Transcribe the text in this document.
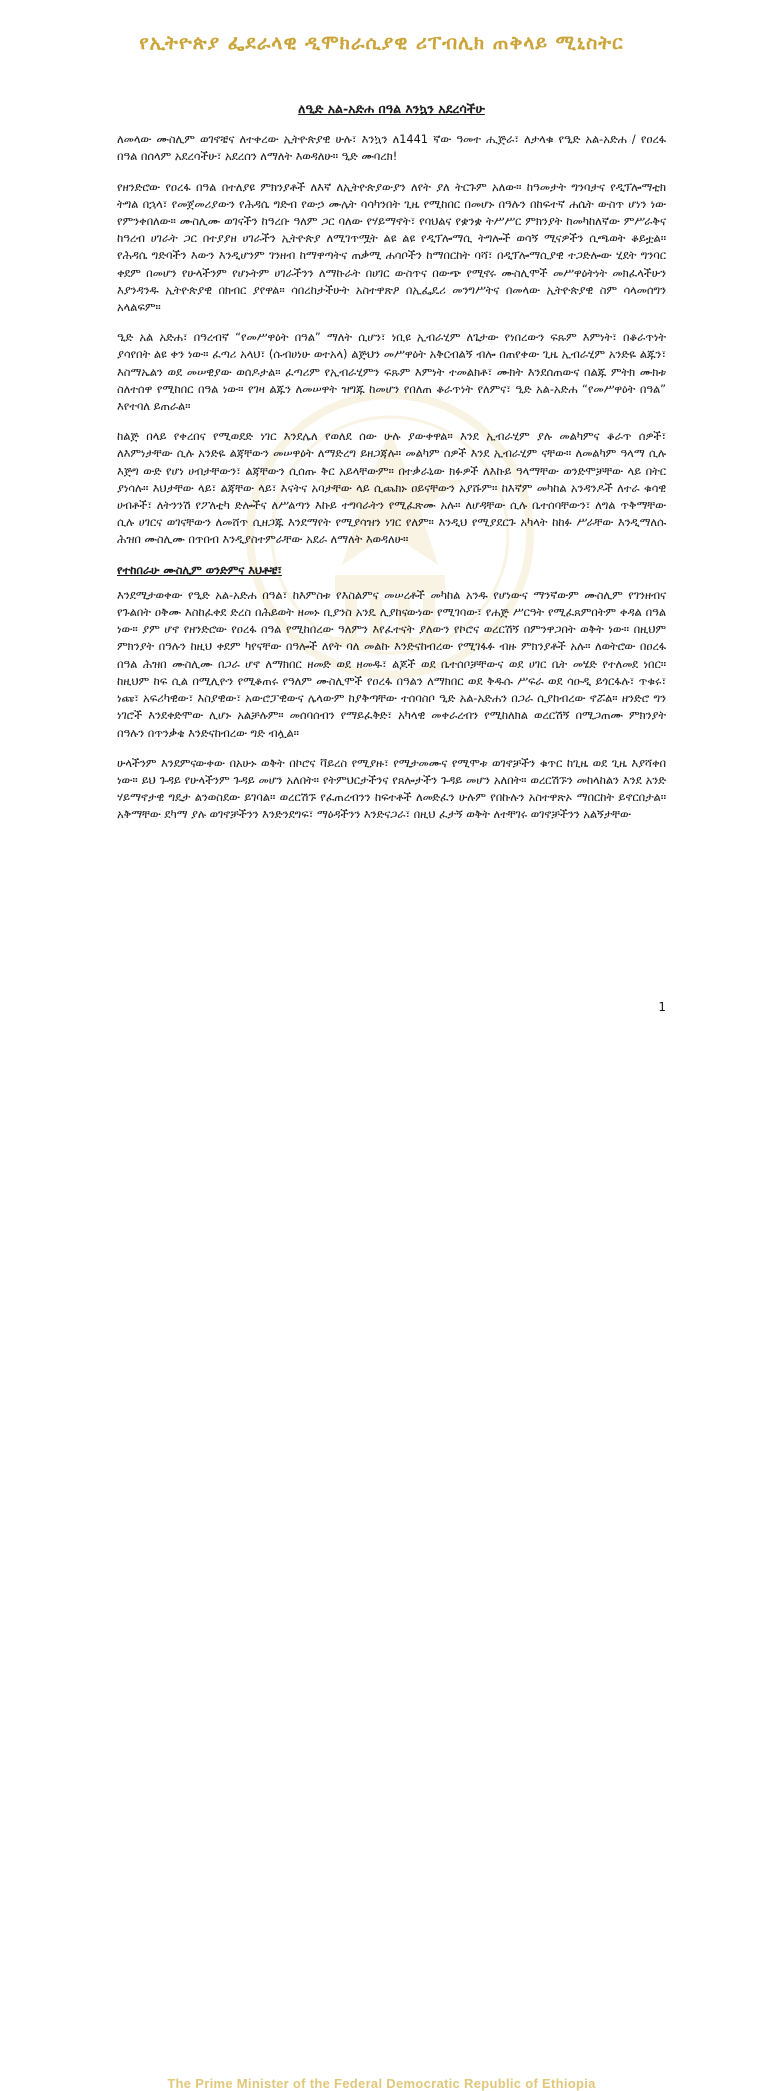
የኢትዮጵያ ፌደራላዊ ዲሞክራሲያዊ ሪፐብሊክ ጠቅላይ ሚኒስትር
ለዒድ አል-አድሐ በዓል እንኳን አደረሳችሁ

ለመላው ሙስሊም ወገኖቼና ለተቀረው ኢትዮጵያዊ ሁሉ፣ እንኳን ለ1441 ኛው ዓመተ ሒጅራ፣ ለታላቁ የዒድ አል-አድሐ / የዐረፋ በዓል በሰላም አደረሳችሁ፣ አደረሰን ለማለት እወዳለሁ። ዒድ ሙባረክ!

የዘንድሮው የዐረፋ በዓል በተለያዩ ምክንያቶች ለእኛ ለኢትዮጵያውያን ለየት ያለ ትርጉም አለው። ከዓመታት ግንባታና የዲፕሎማቲክ ትግል በኋላ፣ የመጀመሪያውን የሕዳሴ ግድብ የውኃ ሙሌት ባሳካንበት ጊዜ የሚከበር በመሆኑ በዓሉን በከፍተኛ ሐሴት ውስጥ ሆነን ነው የምንቀበለው። ሙስሊሙ ወገናችን ከዓረቡ ዓለም ጋር ባለው የሃይማኖት፣ የባህልና የቋንቋ ትሥሥር ምክንያት ከመካከለኛው ምሥራቅና ከዓረብ ሀገራት ጋር በተያያዘ ሀገራችን ኢትዮጵያ ለሚገጥሟት ልዩ ልዩ የዲፕሎማሲ ትግሎች ወሳኝ ሚናዎችን ሲጫወት ቆይቷል። የሕዳሴ ግድባችን እውን እንዲሆንም ገንዘብ ከማዋጣትና ጠቃሚ ሐሳቦችን ከማበርከት ባሻ፣ በዲፕሎማሲያዊ ተጋድሎው ሂደት ግንባር ቀደም በመሆን የሁላችንም የሆኑትም ሀገራችንን ለማኩራት በሀገር ውስጥና በውጭ የሚኖሩ ሙስሊሞች መሥዋዕትነት መክፈላችሁን እያንዳንዱ ኢትዮጵያዊ በክብር ያየዋል። ሳበረከታችሁት አስተዋጽዖ በኢፌዴሪ መንግሥትና በመላው ኢትዮጵያዊ ስም ሳላመሰግን አላልፍም።

ዒድ አል አድሐ፣ በዓረብኛ “የመሥዋዕት በዓል” ማለት ሲሆን፣ ነቢዩ ኢብራሂም ለጌታው የነበረውን ፍጹም እምነት፣ በቆራጥነት ያሳየበት ልዩ ቀን ነው። ፈጣሪ አላህ፣ (ሱብሀነሁ ወተአላ) ልጅህን መሥዋዕት አቅርብልኝ ብሎ በጠየቀው ጊዜ ኢብራሂም አንድዬ ልጁን፣ እስማኤልን ወደ መሠዊያው ወሰዶታል። ፈጣሪም የኢብራሂምን ፍጹም እምነት ተመልክቶ፣ ሙክት እንደሰጠውና በልጁ ምትክ ሙክቱ ስለተሰዋ የሚከበር በዓል ነው። የገዛ ልጁን ለመሠዋት ዝግጁ ከመሆን የበለጠ ቆራጥነት የለምና፣ ዒድ አል-አድሐ “የመሥዋዕት በዓል” እየተባለ ይጠራል።

ከልጅ በላይ የቀረበና የሚወደድ ነገር እንደሌለ የወለደ ሰው ሁሉ ያውቀዋል። እንደ ኢብራሂም ያሉ መልካምና ቆራጥ ሰዎች፣ ለእምነታቸው ሲሉ አንድዬ ልጃቸውን መሠዋዕት ለማድረግ ይዘጋጃሉ። መልካም ሰዎች እንደ ኢብራሂም ናቸው። ለመልካም ዓላማ ሲሉ እጅግ ውድ የሆነ ሀብታቸውን፣ ልጃቸውን ሲሰጡ ቅር አይላቸውም። በተቃራኒው ክፉዎች ለእኩይ ዓላማቸው ወንድሞቻቸው ላይ በትር ያነሳሉ። እህታቸው ላይ፣ ልጃቸው ላይ፣ እናትና አባታቸው ላይ ሲጨክኑ ዐይናቸውን አያሹም። ከእኛም መካከል አንዳንዶች ለተራ ቁሳዊ ሀብቶች፣ ለትንንሽ የፖለቲካ ድሎችና ለሥልጣን እኩይ ተግባራትን የሚፈጽሙ አሉ። ለሆዳቸው ሲሉ ቤተሰባቸውን፣ ለግል ጥቅማቸው ሲሉ ሀገርና ወገናቸውን ለመሸጥ ሲዘጋጁ እንደማየት የሚያሳዝን ነገር የለም። እንዲህ የሚያደርጉ አካላት ከከፉ ሥራቸው እንዲማለሱ ሕዝበ ሙስሊሙ በጥበብ እንዲያስተምራቸው አደራ ለማለት እወዳለሁ።

የተከበራሁ ሙስሊም ወንድምና እህቶቼ፣

እንደሚታወቀው የዒድ አል-አድሐ በዓል፣ ከእምስቱ የእስልምና መሠረቶች መካከል አንዱ የሆነውና ማንኛውም ሙስሊም የገንዘብና የጉልበት ዐቅሙ እስከፈቀደ ድረስ በሕይወት ዘመኑ ቢያንስ አንዴ ሊያከናውነው የሚገባው፣ የሐጅ ሥርዓት የሚፈጸምበትም ቀዳል በዓል ነው። ያም ሆኖ የዘንድሮው የዐረፋ በዓል የሚከበረው ዓለምን እየፈተናት ያለውን የኮሮና ወረርሽኝ በምንዋጋበት ወቅት ነው። በዚህም ምክንያት በዓሉን ከዚህ ቀደም ካየናቸው በዓሎች ለየት ባለ መልኩ እንድናከብረው የሚገፋፉ ብዙ ምክንያቶች አሉ። ለወትሮው በዐረፋ በዓል ሕዝበ ሙስሊሙ በጋራ ሆኖ ለማክበር ዘመድ ወደ ዘመዱ፣ ልጆች ወደ ቤተሰቦቻቸውና ወደ ሀገር ቤት መሄድ የተለመደ ነበር። ከዚህም ከፍ ሲል በሚሊዮን የሚቆጠሩ የዓለም ሙስሊሞች የዐረፋ በዓልን ለማክበር ወደ ቅዱሱ ሥፍራ ወደ ሳዑዲ ይጎርፋሉ፣ ጥቁሩ፣ ነጩ፣ አፍሪካዊው፣ እስያዊው፣ አውሮፓዊውና ሌላውም ከያቅጣቸው ተሰባስቦ ዒድ አል-አድሐን በጋራ ሲያከብረው ኖሯል። ዘንድሮ ግን ነገሮች እንደቀድሞው ሊሆኑ አልቻሉም። መሰባሰብን የማይፈቅድ፣ አካላዊ መቀራረብን የሚከለክል ወረርሽኝ በሚጋጠሙ ምክንያት በዓሉን በጥንቃቄ እንድናከብረው ግድ ብሏል።

ሁላችንም እንደምናውቀው በአሁኑ ወቅት በኮሮና ቫይረስ የሚያዙ፣ የሚታመሙና የሚሞቱ ወገኖቻችን ቁጥር ከጊዜ ወደ ጊዜ እያሻቀበ ነው። ይህ ጉዳይ የሁላችንም ጉዳይ መሆን አለበት። የትምህርታችንና የጸሎታችን ጉዳይ መሆን አለበት። ወረርሽኙን መከላከልን እንደ አንድ ሃይማኖታዊ ግዴታ ልንወስደው ይገባል። ወረርሽኙ የፈጠረብንን ከፍተቶች ለመድፈን ሁሉም የበኩሉን አስተዋጽኦ ማበርከት ይኖርበታል። አቅማቸው ደካማ ያሉ ወገኖቻችንን እንድንደግፍ፣ ማዕዳችንን እንድናጋራ፣ በዚህ ፈታኝ ወቅት ለተቸገሩ ወገኖቻችንን አልኝታቸው

1
The Prime Minister of the Federal Democratic Republic of Ethiopia
